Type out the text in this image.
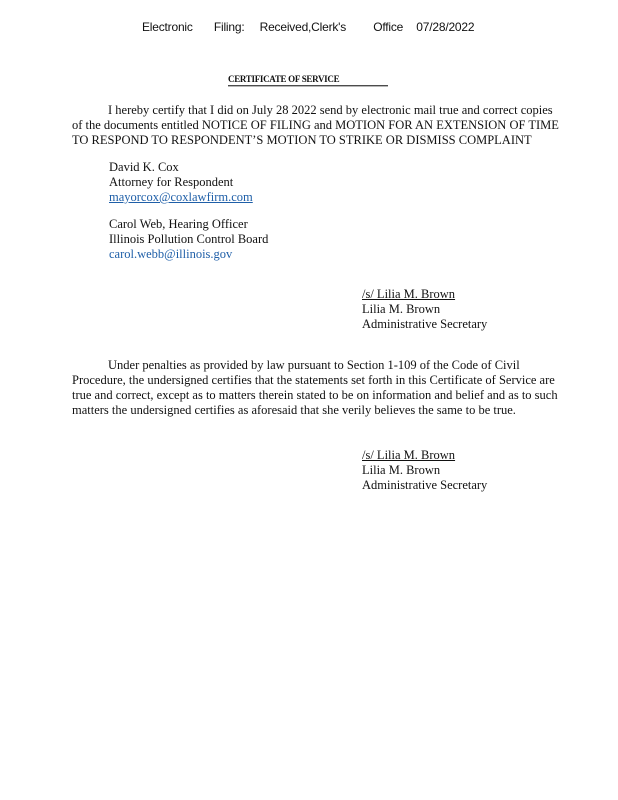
Electronic Filing: Received,Clerk's Office 07/28/2022
CERTIFICATE OF SERVICE
I hereby certify that I did on July 28 2022 send by electronic mail true and correct copies
of the documents entitled NOTICE OF FILING and MOTION FOR AN EXTENSION OF TIME
TO RESPOND TO RESPONDENT’S MOTION TO STRIKE OR DISMISS COMPLAINT
David K. Cox
Attorney for Respondent
mayorcox@coxlawfirm.com
Carol Web, Hearing Officer
Illinois Pollution Control Board
carol.webb@illinois.gov
/s/ Lilia M. Brown
Lilia M. Brown
Administrative Secretary
Under penalties as provided by law pursuant to Section 1-109 of the Code of Civil
Procedure, the undersigned certifies that the statements set forth in this Certificate of Service are
true and correct, except as to matters therein stated to be on information and belief and as to such
matters the undersigned certifies as aforesaid that she verily believes the same to be true.
/s/ Lilia M. Brown
Lilia M. Brown
Administrative Secretary
